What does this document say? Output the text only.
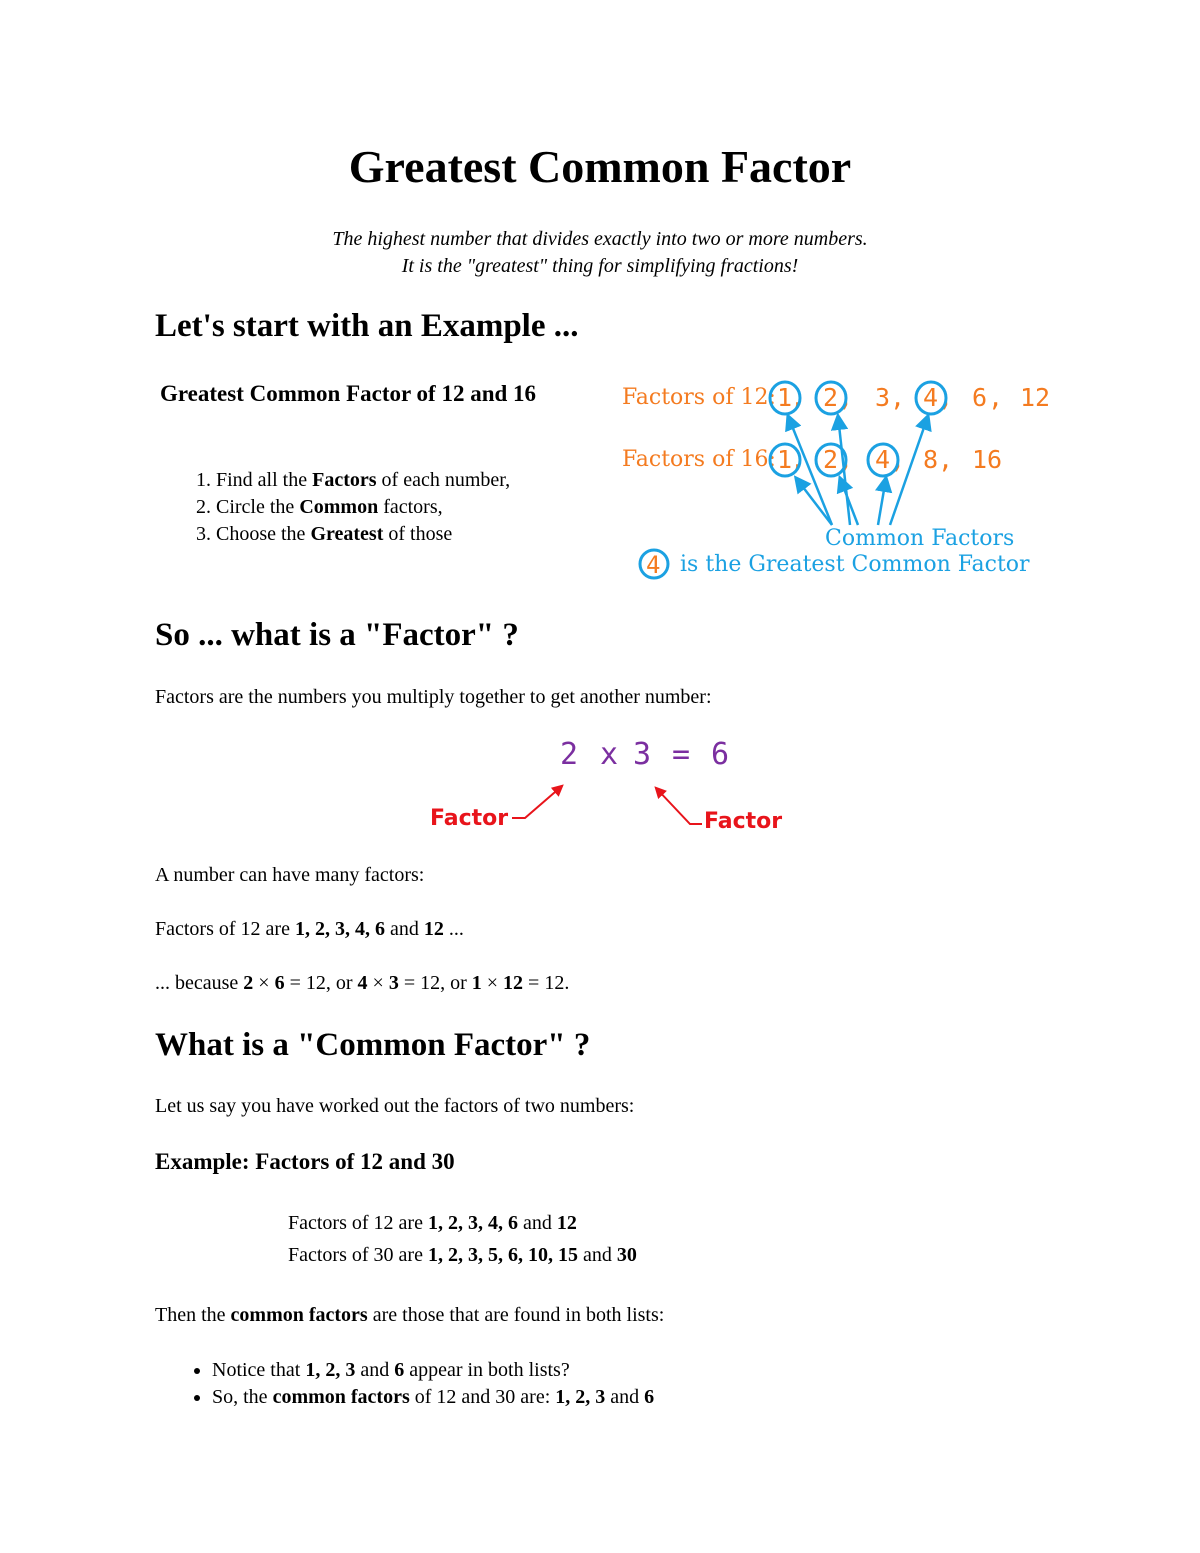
Greatest Common Factor
The highest number that divides exactly into two or more numbers.
It is the "greatest" thing for simplifying fractions!
Let's start with an Example ...
Greatest Common Factor of 12 and 16
1. Find all the Factors of each number,
2. Circle the Common factors,
3. Choose the Greatest of those
Factors of 12: 1 2 3 4 6 12
, , , , ,
Factors of 16: 1 2 4 8 16
, , , ,
Common Factors
4 is the Greatest Common Factor
So ... what is a "Factor" ?

Factors are the numbers you multiply together to get another number:

2 x 3 = 6
Factor	Factor

A number can have many factors:

Factors of 12 are 1, 2, 3, 4, 6 and 12 ...

... because 2 × 6 = 12, or 4 × 3 = 12, or 1 × 12 = 12.

What is a "Common Factor" ?

Let us say you have worked out the factors of two numbers:

Example: Factors of 12 and 30
Factors of 12 are 1, 2, 3, 4, 6 and 12
Factors of 30 are 1, 2, 3, 5, 6, 10, 15 and 30

Then the common factors are those that are found in both lists:

• Notice that 1, 2, 3 and 6 appear in both lists?
• So, the common factors of 12 and 30 are: 1, 2, 3 and 6
